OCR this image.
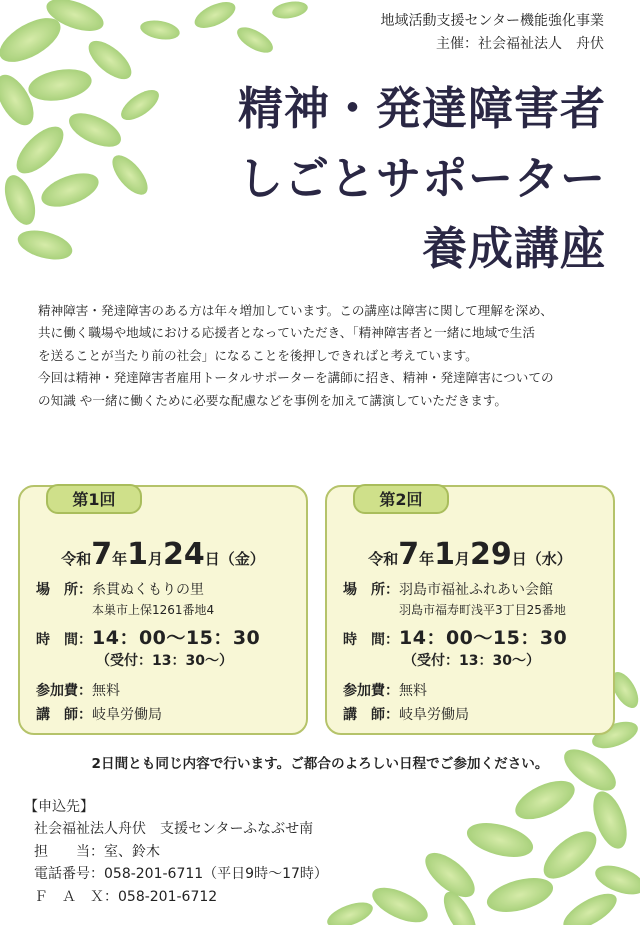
地域活動支援センター機能強化事業
主催：社会福祉法人　舟伏
精神・発達障害者
しごとサポーター
養成講座

精神障害・発達障害のある方は年々増加しています。この講座は障害に関して理解を深め、

共に働く職場や地域における応援者となっていただき、「精神障害者と一緒に地域で生活

を送ることが当たり前の社会」になることを後押しできればと考えています。

今回は精神・発達障害者雇用トータルサポーターを講師に招き、精神・発達障害についての

の知識 や一緒に働くために必要な配慮などを事例を加えて講演していただきます。

第1回
令和7年1月24日（金）
場　所：糸貫ぬくもりの里
本巣市上保1261番地4
時　間：14：00～15：30
（受付：13：30～）
参加費：無料
講　師：岐阜労働局
第2回
令和7年1月29日（水）
場　所：羽島市福祉ふれあい会館
羽島市福寿町浅平3丁目25番地
時　間：14：00～15：30
（受付：13：30～）
参加費：無料
講　師：岐阜労働局
2日間とも同じ内容で行います。ご都合のよろしい日程でご参加ください。
【申込先】
社会福祉法人舟伏　支援センターふなぶせ南
担　　当：室、鈴木
電話番号：058-201-6711（平日9時～17時）
Ｆ　Ａ　Ｘ：058-201-6712
